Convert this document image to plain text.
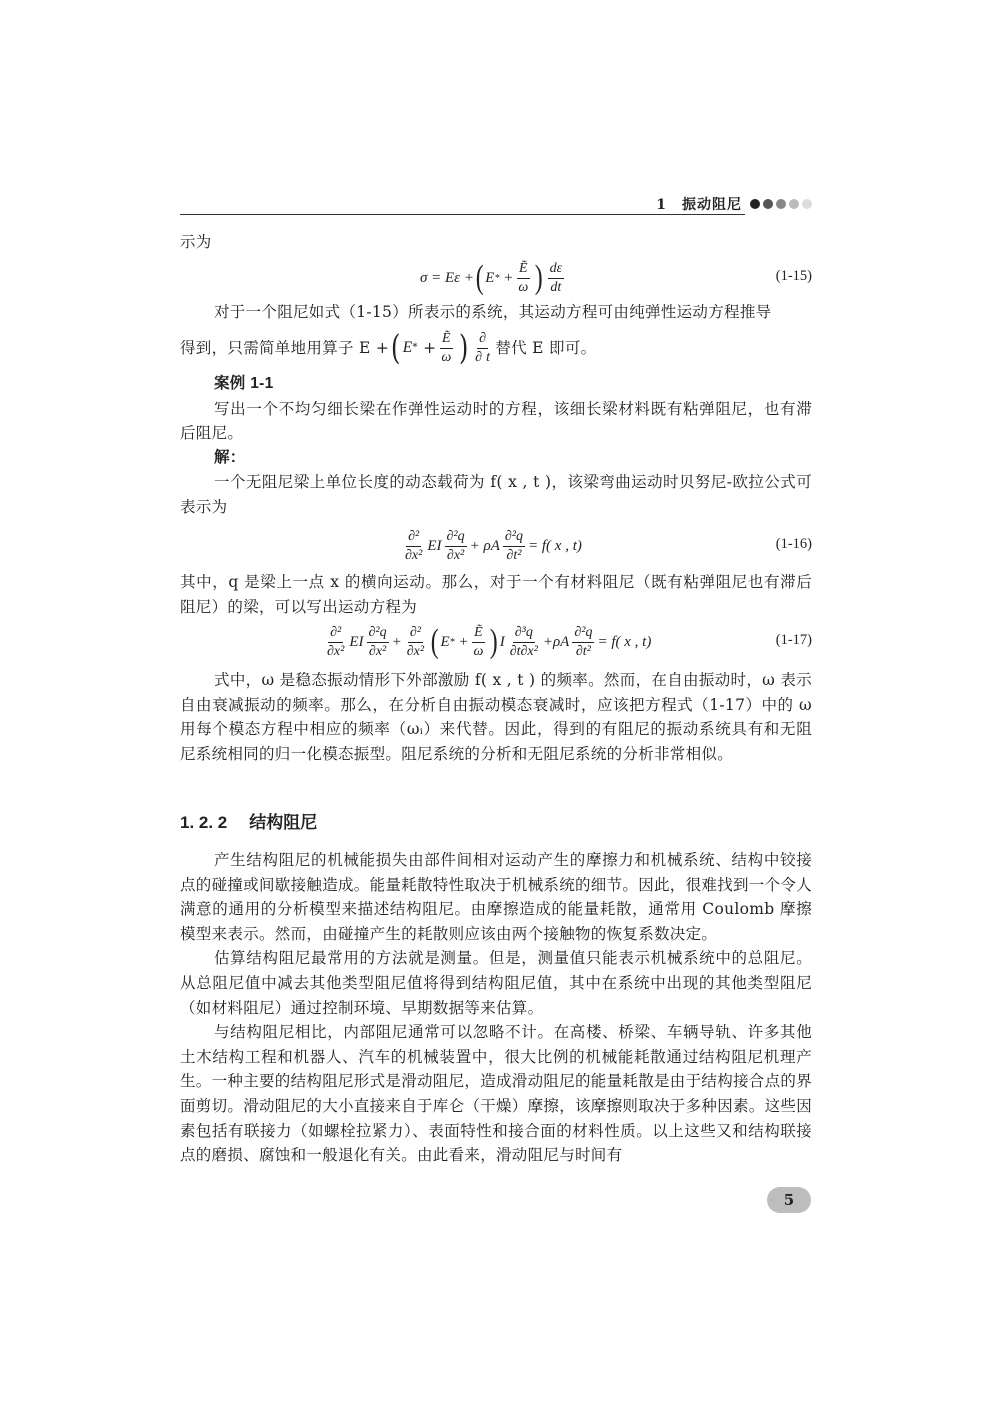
1　振动阻尼

示为

σ = Eε + ( E *
+ $\frac{\text{Ẽ}}{\omega}$ ) $\frac{d\varepsilon}{dt}$	(1-15)

对于一个阻尼如式（1-15）所表示的系统，其运动方程可由纯弹性运动方程推导

得到，只需简单地用算子 E + ( E *
+ $\frac{\text{Ẽ}}{\omega}$ ) $\frac{\partial}{\partial t}$ 替代 E 即可。

案例 1-1

写出一个不均匀细长梁在作弹性运动时的方程，该细长梁材料既有粘弹阻尼，也有滞后阻尼。

解：

一个无阻尼梁上单位长度的动态载荷为 f( x , t )，该梁弯曲运动时贝努尼-欧拉公式可表示为

$\frac{\text{∂²}}{\text{∂x²}}$ EI $\frac{\text{∂²q}}{\text{∂x²}} + \rho A \frac{\text{∂²q}}{\text{∂t²}} = f$( x , t)	(1-16)

其中，q 是梁上一点 x 的横向运动。那么，对于一个有材料阻尼（既有粘弹阻尼也有滞后阻尼）的梁，可以写出运动方程为

$\frac{\text{∂²}}{\text{∂x²}}$ EI $\frac{\text{∂²q}}{\text{∂x²}} + \frac{\text{∂²}}{\text{∂x²}}$ ( E *
+ $\frac{\text{Ẽ}}{\omega}$ ) I $\frac{\text{∂³q}}{\text{∂t∂x²}} +\rho A \frac{\text{∂²q}}{\text{∂t²}} = f$( x , t)	(1-17)

式中，ω 是稳态振动情形下外部激励 f( x , t ) 的频率。然而，在自由振动时，ω 表示自由衰减振动的频率。那么，在分析自由振动模态衰减时，应该把方程式（1-17）中的 ω 用每个模态方程中相应的频率（ωᵢ）来代替。因此，得到的有阻尼的振动系统具有和无阻尼系统相同的归一化模态振型。阻尼系统的分析和无阻尼系统的分析非常相似。

1. 2. 2 结构阻尼

产生结构阻尼的机械能损失由部件间相对运动产生的摩擦力和机械系统、结构中铰接点的碰撞或间歇接触造成。能量耗散特性取决于机械系统的细节。因此，很难找到一个令人满意的通用的分析模型来描述结构阻尼。由摩擦造成的能量耗散，通常用 Coulomb 摩擦模型来表示。然而，由碰撞产生的耗散则应该由两个接触物的恢复系数决定。

估算结构阻尼最常用的方法就是测量。但是，测量值只能表示机械系统中的总阻尼。从总阻尼值中减去其他类型阻尼值将得到结构阻尼值，其中在系统中出现的其他类型阻尼（如材料阻尼）通过控制环境、早期数据等来估算。

与结构阻尼相比，内部阻尼通常可以忽略不计。在高楼、桥梁、车辆导轨、许多其他土木结构工程和机器人、汽车的机械装置中，很大比例的机械能耗散通过结构阻尼机理产生。一种主要的结构阻尼形式是滑动阻尼，造成滑动阻尼的能量耗散是由于结构接合点的界面剪切。滑动阻尼的大小直接来自于库仑（干燥）摩擦，该摩擦则取决于多种因素。这些因素包括有联接力（如螺栓拉紧力）、表面特性和接合面的材料性质。以上这些又和结构联接点的磨损、腐蚀和一般退化有关。由此看来，滑动阻尼与时间有

5
